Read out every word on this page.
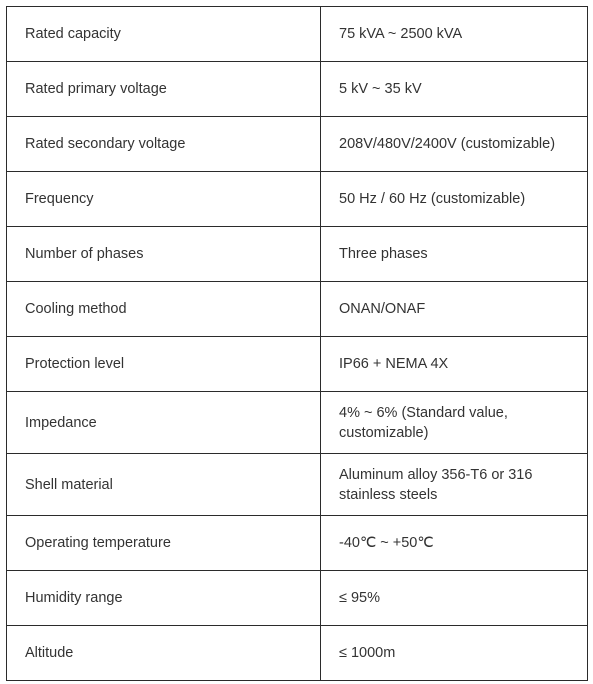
Rated capacity	75 kVA ~ 2500 kVA
Rated primary voltage	5 kV ~ 35 kV
Rated secondary voltage	208V/480V/2400V (customizable)
Frequency	50 Hz / 60 Hz (customizable)
Number of phases	Three phases
Cooling method	ONAN/ONAF
Protection level	IP66 + NEMA 4X
Impedance	4% ~ 6% (Standard value, customizable)
Shell material	Aluminum alloy 356-T6 or 316 stainless steels
Operating temperature	-40℃ ~ +50℃
Humidity range	≤ 95%
Altitude	≤ 1000m
